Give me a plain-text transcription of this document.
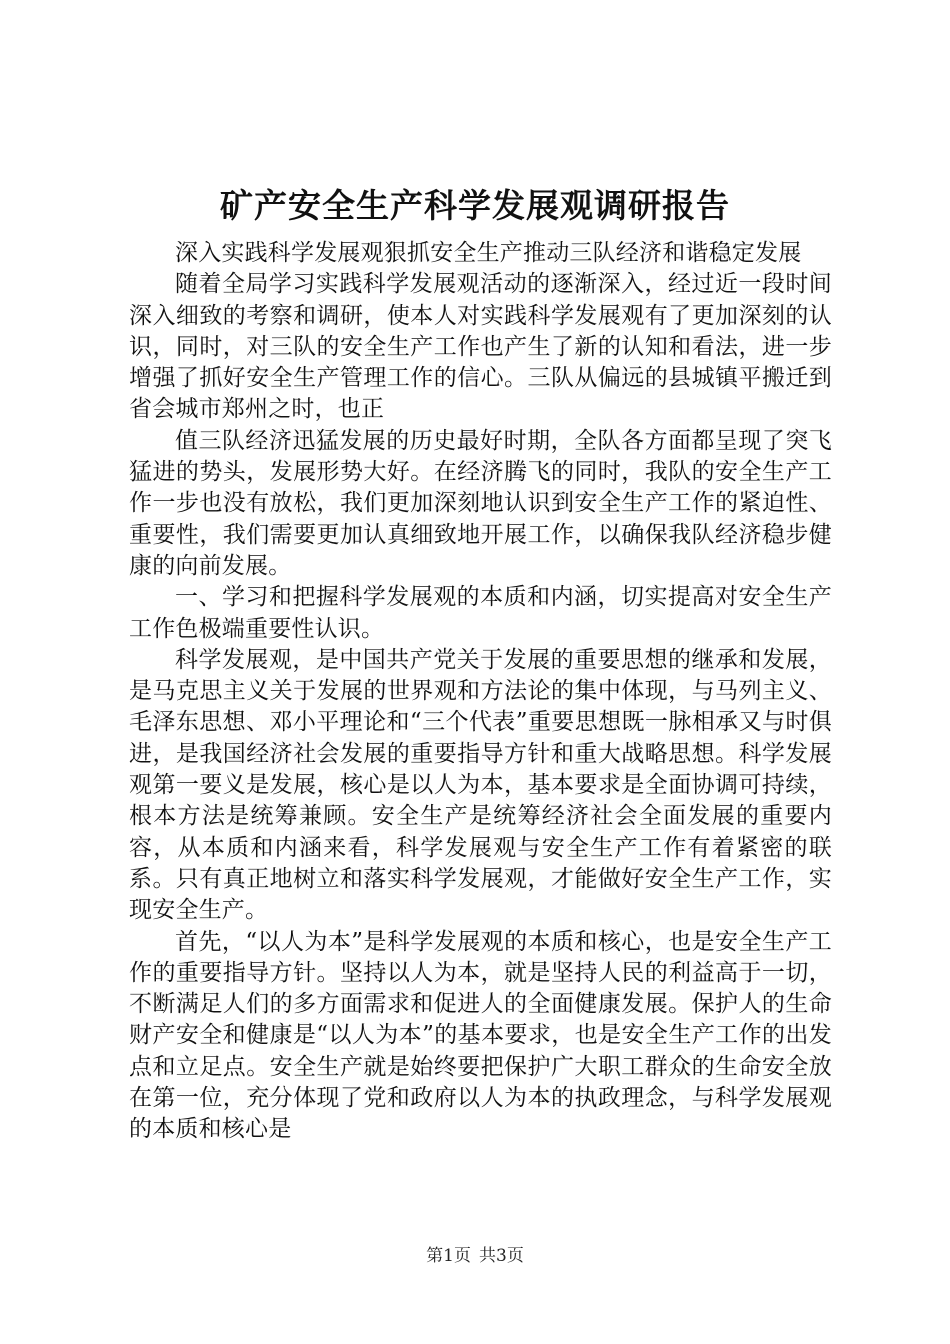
矿产安全生产科学发展观调研报告

深入实践科学发展观狠抓安全生产推动三队经济和谐稳定发展

随着全局学习实践科学发展观活动的逐渐深入，经过近一段时间深入细致的考察和调研，使本人对实践科学发展观有了更加深刻的认识，同时，对三队的安全生产工作也产生了新的认知和看法，进一步增强了抓好安全生产管理工作的信心。三队从偏远的县城镇平搬迁到省会城市郑州之时，也正

值三队经济迅猛发展的历史最好时期，全队各方面都呈现了突飞猛进的势头，发展形势大好。在经济腾飞的同时，我队的安全生产工作一步也没有放松，我们更加深刻地认识到安全生产工作的紧迫性、重要性，我们需要更加认真细致地开展工作，以确保我队经济稳步健康的向前发展。

一、学习和把握科学发展观的本质和内涵，切实提高对安全生产工作色极端重要性认识。

科学发展观，是中国共产党关于发展的重要思想的继承和发展，是马克思主义关于发展的世界观和方法论的集中体现，与马列主义、毛泽东思想、邓小平理论和“三个代表”重要思想既一脉相承又与时俱进，是我国经济社会发展的重要指导方针和重大战略思想。科学发展观第一要义是发展，核心是以人为本，基本要求是全面协调可持续，根本方法是统筹兼顾。安全生产是统筹经济社会全面发展的重要内容，从本质和内涵来看，科学发展观与安全生产工作有着紧密的联系。只有真正地树立和落实科学发展观，才能做好安全生产工作，实现安全生产。

首先，“以人为本”是科学发展观的本质和核心，也是安全生产工作的重要指导方针。坚持以人为本，就是坚持人民的利益高于一切，不断满足人们的多方面需求和促进人的全面健康发展。保护人的生命财产安全和健康是“以人为本”的基本要求，也是安全生产工作的出发点和立足点。安全生产就是始终要把保护广大职工群众的生命安全放在第一位，充分体现了党和政府以人为本的执政理念，与科学发展观的本质和核心是

第1页 共3页
